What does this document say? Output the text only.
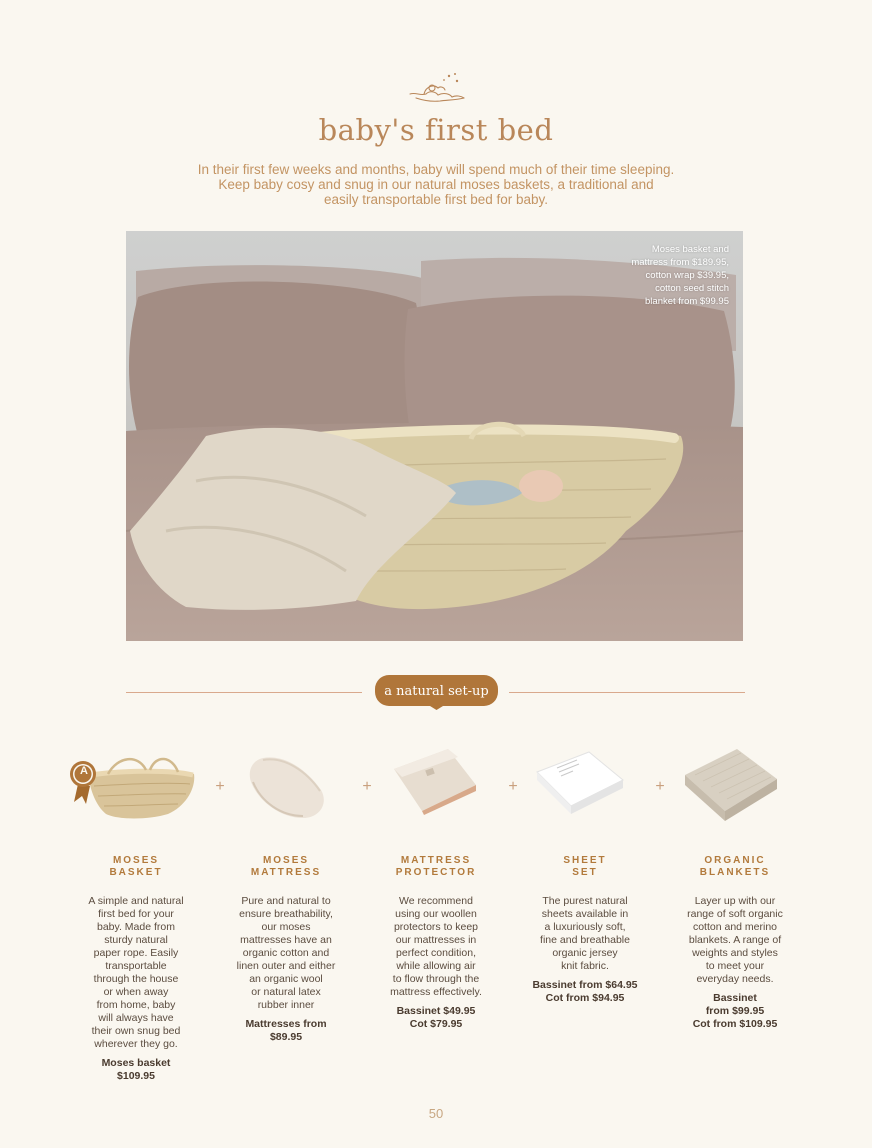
baby's first bed
In their first few weeks and months, baby will spend much of their time sleeping.
Keep baby cosy and snug in our natural moses baskets, a traditional and
easily transportable first bed for baby.
Moses basket and
mattress from $189.95,
cotton wrap $39.95,
cotton seed stitch
blanket from $99.95
a natural set-up
A
+	+	+	+
MOSES
BASKET
A simple and natural
first bed for your
baby. Made from
sturdy natural
paper rope. Easily
transportable
through the house
or when away
from home, baby
will always have
their own snug bed
wherever they go.
Moses basket
$109.95
MOSES
MATTRESS
Pure and natural to
ensure breathability,
our moses
mattresses have an
organic cotton and
linen outer and either
an organic wool
or natural latex
rubber inner
Mattresses from
$89.95
MATTRESS
PROTECTOR
We recommend
using our woollen
protectors to keep
our mattresses in
perfect condition,
while allowing air
to flow through the
mattress effectively.
Bassinet $49.95
Cot $79.95
SHEET
SET
The purest natural
sheets available in
a luxuriously soft,
fine and breathable
organic jersey
knit fabric.
Bassinet from $64.95
Cot from $94.95
ORGANIC
BLANKETS
Layer up with our
range of soft organic
cotton and merino
blankets. A range of
weights and styles
to meet your
everyday needs.
Bassinet
from $99.95
Cot from $109.95
50
